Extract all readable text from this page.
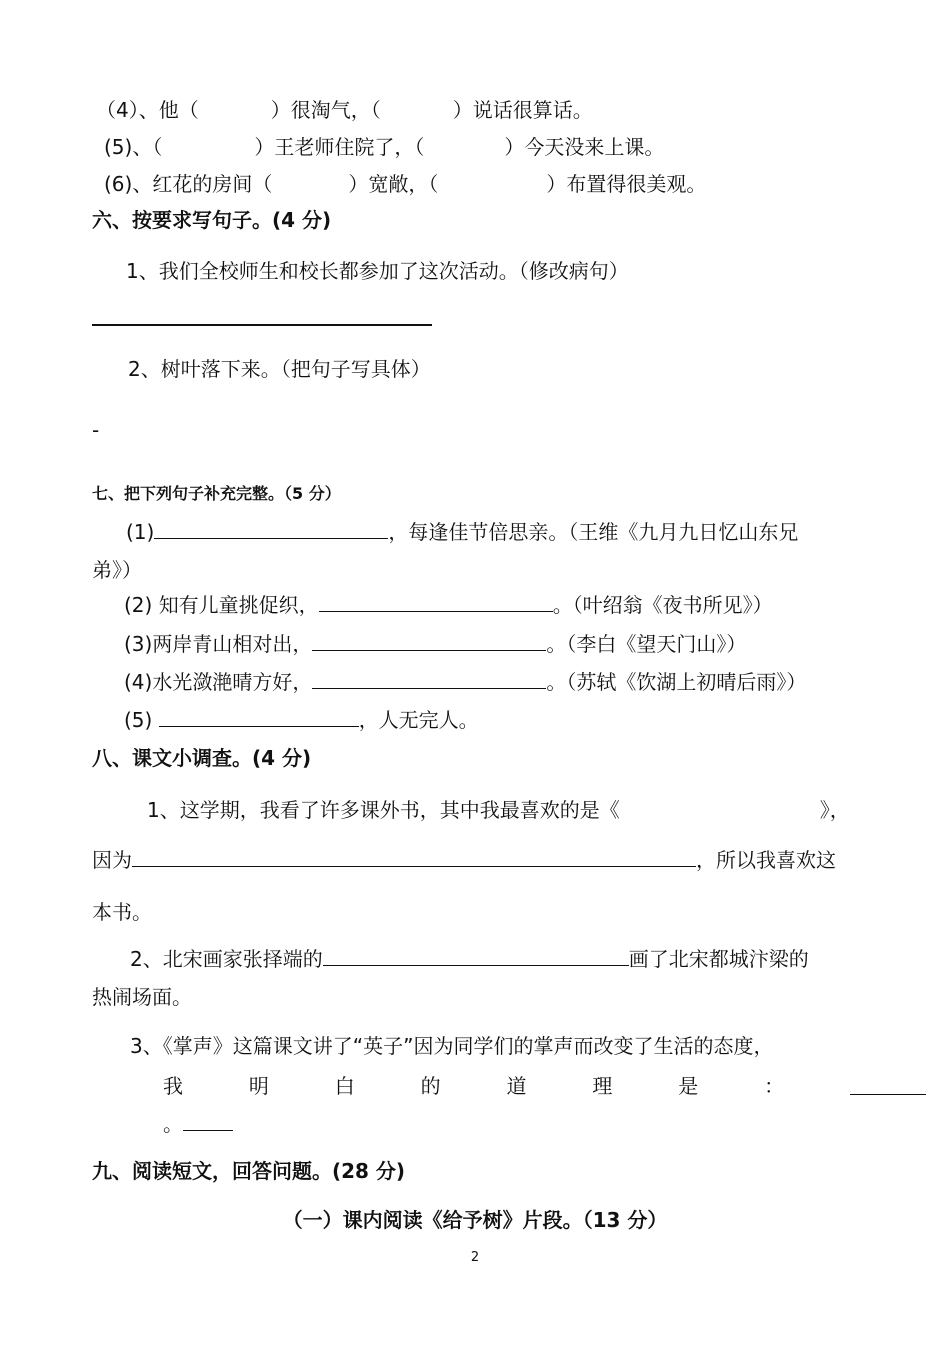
（4）、他（	）很淘气，（	）说话很算话。
(5)、（	）王老师住院了，（	）今天没来上课。
(6)、红花的房间（	）宽敞，（	）布置得很美观。
六、按要求写句子。(4 分)
1、我们全校师生和校长都参加了这次活动。（修改病句）
2、树叶落下来。（把句子写具体）
-
七、把下列句子补充完整。（5 分）
(1)	，每逢佳节倍思亲。（王维《九月九日忆山东兄
弟》）
(2) 知有儿童挑促织，	。（叶绍翁《夜书所见》）
(3)两岸青山相对出，	。（李白《望天门山》）
(4)水光潋滟晴方好，	。（苏轼《饮湖上初晴后雨》）
(5)	，人无完人。
八、课文小调查。(4 分)
1、这学期，我看了许多课外书，其中我最喜欢的是《	》，
因为	，所以我喜欢这
本书。
2、北宋画家张择端的	画了北宋都城汴梁的
热闹场面。
3、《掌声》这篇课文讲了“英子”因为同学们的掌声而改变了生活的态度，
我	明	白	的	道	理	是	：
。
九、阅读短文，回答问题。(28 分)
（一）课内阅读《给予树》片段。（13 分）
2
